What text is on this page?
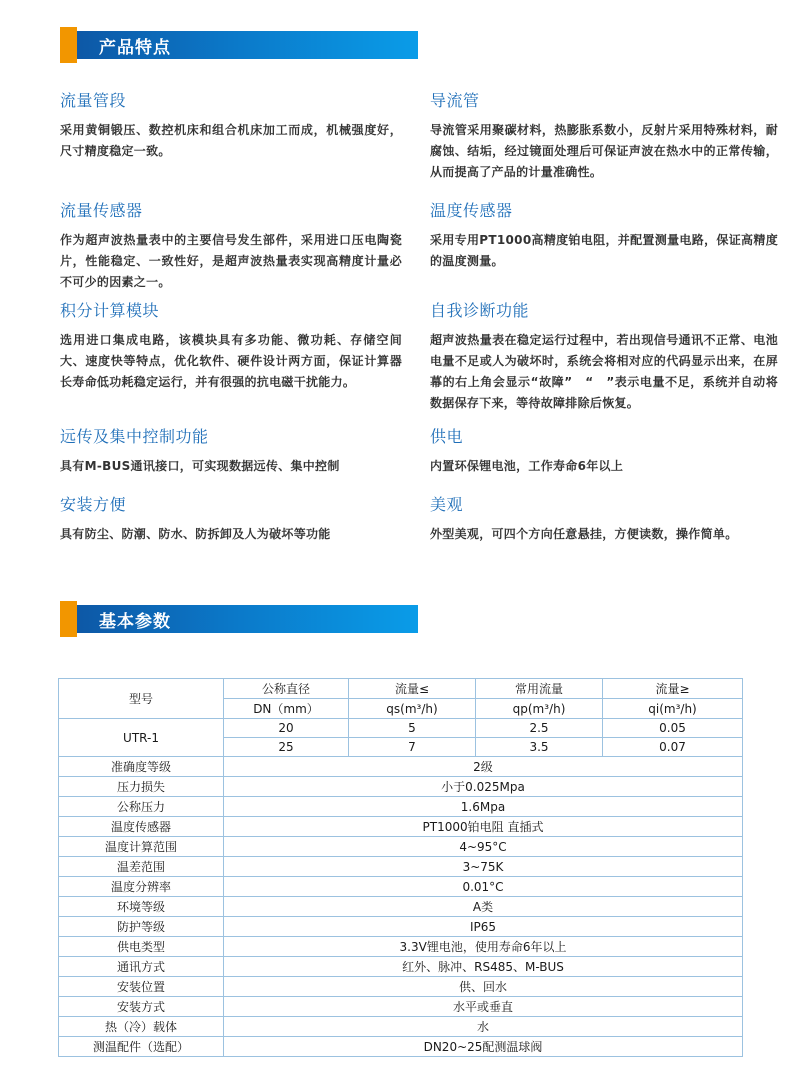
产品特点
流量管段

采用黄铜锻压、数控机床和组合机床加工而成，机械强度好，尺寸精度稳定一致。

流量传感器

作为超声波热量表中的主要信号发生部件，采用进口压电陶瓷片，性能稳定、一致性好，是超声波热量表实现高精度计量必不可少的因素之一。

积分计算模块

选用进口集成电路，该模块具有多功能、微功耗、存储空间大、速度快等特点，优化软件、硬件设计两方面，保证计算器长寿命低功耗稳定运行，并有很强的抗电磁干扰能力。

远传及集中控制功能

具有M-BUS通讯接口，可实现数据远传、集中控制

安装方便

具有防尘、防潮、防水、防拆卸及人为破坏等功能

导流管

导流管采用聚碳材料，热膨胀系数小，反射片采用特殊材料，耐腐蚀、结垢，经过镜面处理后可保证声波在热水中的正常传输，从而提高了产品的计量准确性。

温度传感器

采用专用PT1000高精度铂电阻，并配置测量电路，保证高精度的温度测量。

自我诊断功能

超声波热量表在稳定运行过程中，若出现信号通讯不正常、电池电量不足或人为破坏时，系统会将相对应的代码显示出来，在屏幕的右上角会显示“故障”　“　”表示电量不足，系统并自动将数据保存下来，等待故障排除后恢复。

供电

内置环保锂电池，工作寿命6年以上

美观

外型美观，可四个方向任意悬挂，方便读数，操作简单。

基本参数
型号	公称直径	流量≤	常用流量	流量≥
	DN（mm）	qs(m³/h)	qp(m³/h)	qi(m³/h)
UTR-1	20	5	2.5	0.05
	25	7	3.5	0.07
准确度等级	2级			
压力损失	小于0.025Mpa			
公称压力	1.6Mpa			
温度传感器	PT1000铂电阻 直插式			
温度计算范围	4~95°C			
温差范围	3~75K			
温度分辨率	0.01°C			
环境等级	A类			
防护等级	IP65			
供电类型	3.3V锂电池，使用寿命6年以上			
通讯方式	红外、脉冲、RS485、M-BUS			
安装位置	供、回水			
安装方式	水平或垂直			
热（冷）载体	水			
测温配件（选配）	DN20~25配测温球阀			
